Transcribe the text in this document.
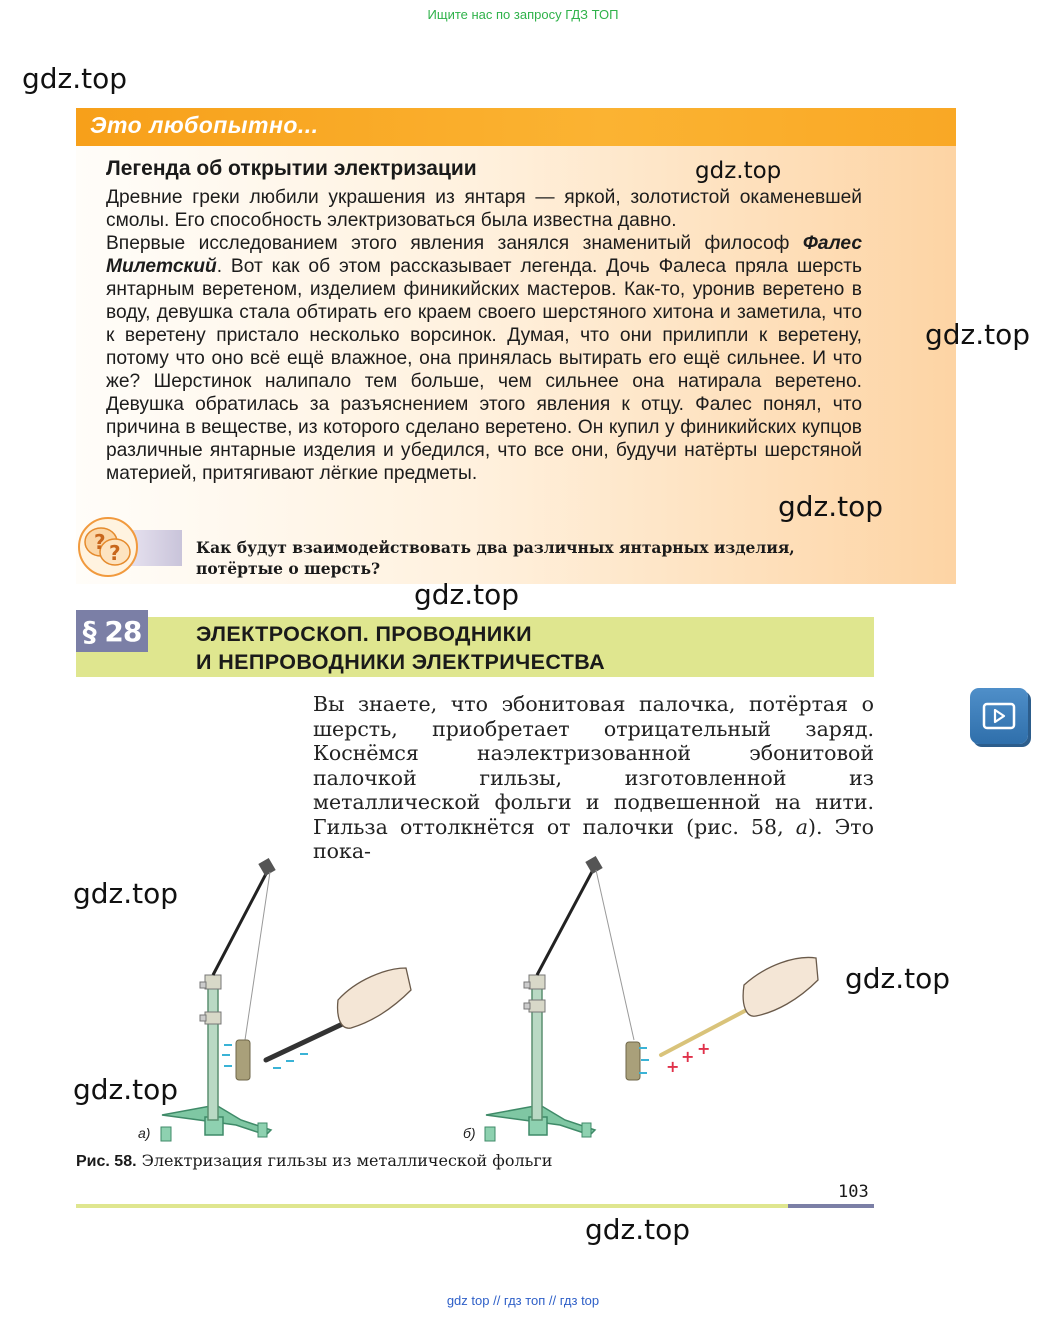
Ищите нас по запросу ГДЗ ТОП
gdz.top
Это любопытно...
Легенда об открытии электризации	gdz.top

Древние греки любили украшения из янтаря — яркой, золотистой окаменевшей смолы. Его способность электризоваться была известна давно.

Впервые исследованием этого явления занялся знаменитый философ Фалес Милетский. Вот как об этом рассказывает легенда. Дочь Фалеса пряла шерсть янтарным веретеном, изделием финикийских мастеров. Как-то, уронив веретено в воду, девушка стала обтирать его краем своего шерстяного хитона и заметила, что к веретену пристало несколько ворсинок. Думая, что они прилипли к веретену, потому что оно всё ещё влажное, она принялась вытирать его ещё сильнее. И что же? Шерстинок налипало тем больше, чем сильнее она натирала веретено. Девушка обратилась за разъяснением этого явления к отцу. Фалес понял, что причина в веществе, из которого сделано веретено. Он купил у финикийских купцов различные янтарные изделия и убедился, что все они, будучи натёрты шерстяной материей, притягивают лёгкие предметы.

gdz.top
gdz.top
? ?	Как будут взаимодействовать два различных янтарных изделия, потёртые о шерсть?
gdz.top
§ 28	ЭЛЕКТРОСКОП. ПРОВОДНИКИ
И НЕПРОВОДНИКИ ЭЛЕКТРИЧЕСТВА
Вы знаете, что эбонитовая палочка, потёртая о шерсть, приобретает отрицательный заряд. Коснёмся наэлектризованной эбонитовой палочкой гильзы, изготовленной из металлической фольги и подвешенной на нити. Гильза оттолкнётся от палочки (рис. 58, а). Это пока-
gdz.top
gdz.top
gdz.top
+
+ +
а)	б)
Рис. 58. Электризация гильзы из металлической фольги
103
gdz.top
gdz top // гдз топ // гдз top
